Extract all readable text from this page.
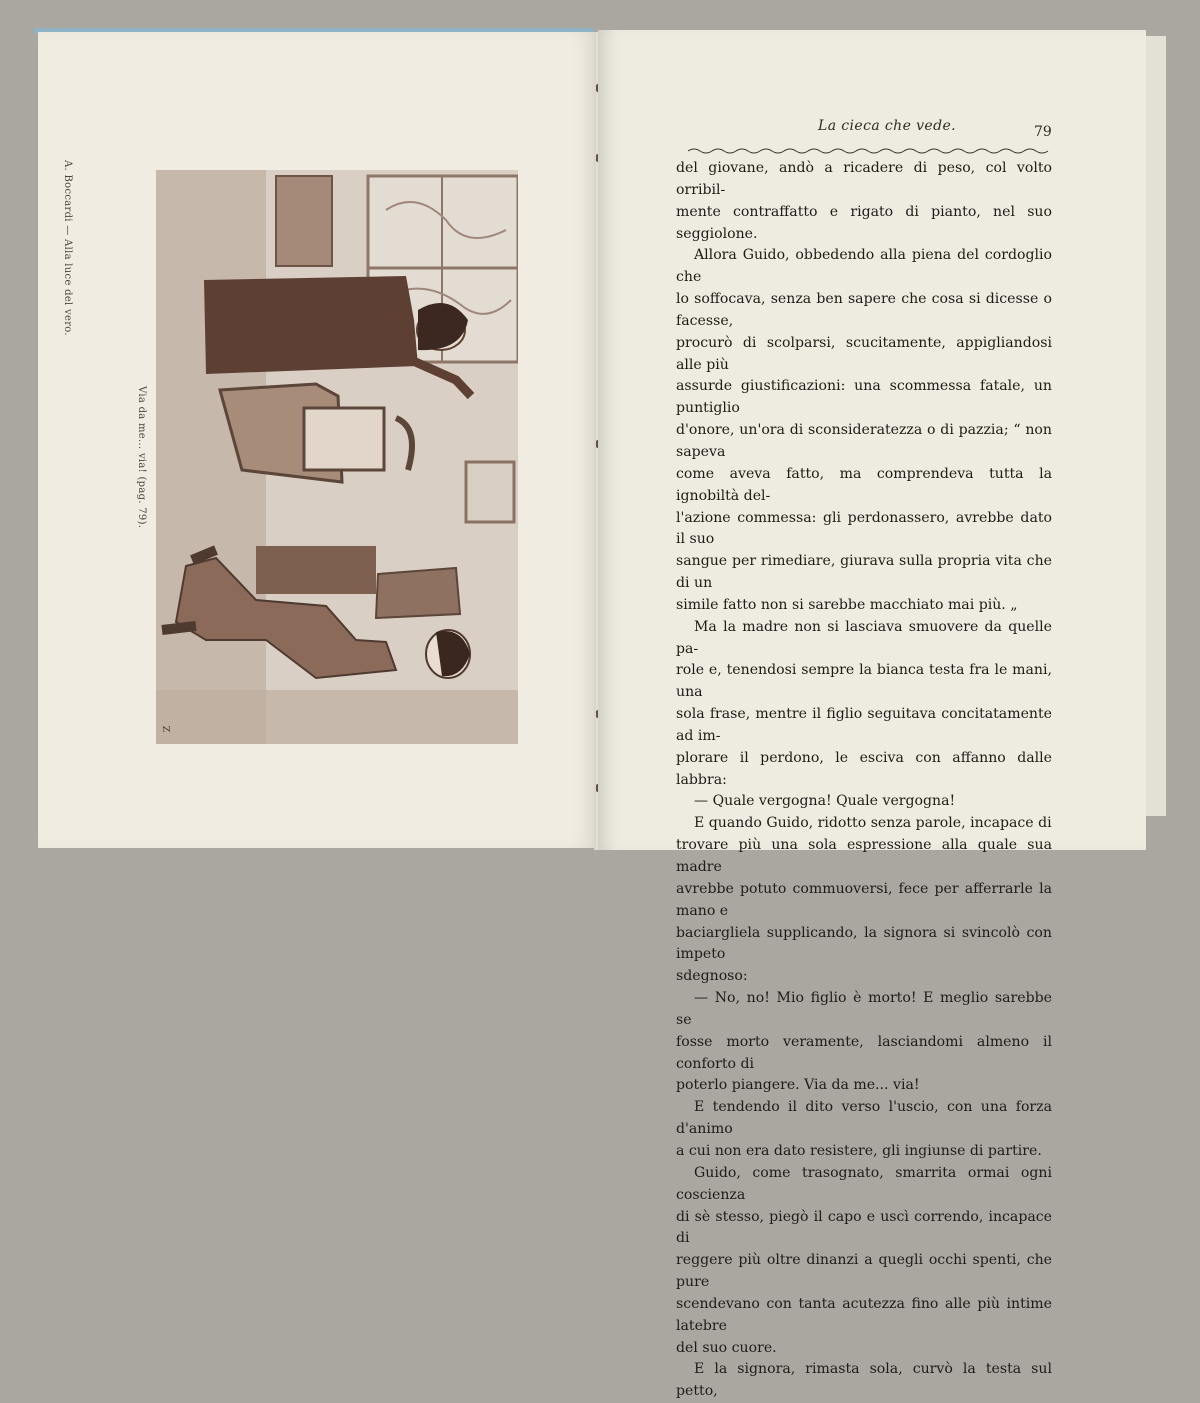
A. Boccardi — Alla luce del vero.
Via da me... via! (pag. 79).
Z
La cieca che vede.	79

del giovane, andò a ricadere di peso, col volto orribil-

mente contraffatto e rigato di pianto, nel suo seggiolone.

Allora Guido, obbedendo alla piena del cordoglio che

lo soffocava, senza ben sapere che cosa si dicesse o facesse,

procurò di scolparsi, scucitamente, appigliandosi alle più

assurde giustificazioni: una scommessa fatale, un puntiglio

d'onore, un'ora di sconsideratezza o di pazzia; “ non sapeva

come aveva fatto, ma comprendeva tutta la ignobiltà del-

l'azione commessa: gli perdonassero, avrebbe dato il suo

sangue per rimediare, giurava sulla propria vita che di un

simile fatto non si sarebbe macchiato mai più. „

Ma la madre non si lasciava smuovere da quelle pa-

role e, tenendosi sempre la bianca testa fra le mani, una

sola frase, mentre il figlio seguitava concitatamente ad im-

plorare il perdono, le esciva con affanno dalle labbra:

— Quale vergogna! Quale vergogna!

E quando Guido, ridotto senza parole, incapace di

trovare più una sola espressione alla quale sua madre

avrebbe potuto commuoversi, fece per afferrarle la mano e

baciargliela supplicando, la signora si svincolò con impeto

sdegnoso:

— No, no! Mio figlio è morto! E meglio sarebbe se

fosse morto veramente, lasciandomi almeno il conforto di

poterlo piangere. Via da me... via!

E tendendo il dito verso l'uscio, con una forza d'animo

a cui non era dato resistere, gli ingiunse di partire.

Guido, come trasognato, smarrita ormai ogni coscienza

di sè stesso, piegò il capo e uscì correndo, incapace di

reggere più oltre dinanzi a quegli occhi spenti, che pure

scendevano con tanta acutezza fino alle più intime latebre

del suo cuore.

E la signora, rimasta sola, curvò la testa sul petto,
